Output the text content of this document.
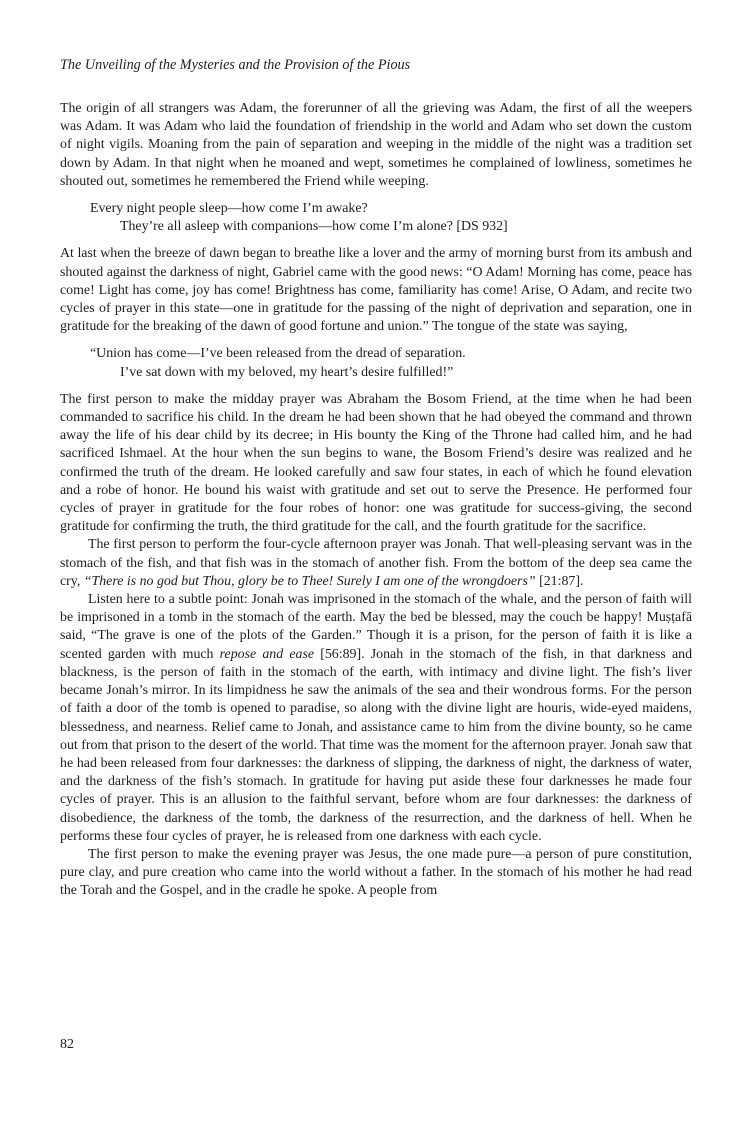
The Unveiling of the Mysteries and the Provision of the Pious

The origin of all strangers was Adam, the forerunner of all the grieving was Adam, the first of all the weepers was Adam. It was Adam who laid the foundation of friendship in the world and Adam who set down the custom of night vigils. Moaning from the pain of separation and weeping in the middle of the night was a tradition set down by Adam. In that night when he moaned and wept, sometimes he complained of lowliness, sometimes he shouted out, sometimes he remembered the Friend while weeping.

Every night people sleep—how come I’m awake?
They’re all asleep with companions—how come I’m alone? [DS 932]

At last when the breeze of dawn began to breathe like a lover and the army of morning burst from its ambush and shouted against the darkness of night, Gabriel came with the good news: “O Adam! Morning has come, peace has come! Light has come, joy has come! Brightness has come, familiarity has come! Arise, O Adam, and recite two cycles of prayer in this state—one in gratitude for the passing of the night of deprivation and separation, one in gratitude for the breaking of the dawn of good fortune and union.” The tongue of the state was saying,

“Union has come—I’ve been released from the dread of separation.
I’ve sat down with my beloved, my heart’s desire fulfilled!”

The first person to make the midday prayer was Abraham the Bosom Friend, at the time when he had been commanded to sacrifice his child. In the dream he had been shown that he had obeyed the command and thrown away the life of his dear child by its decree; in His bounty the King of the Throne had called him, and he had sacrificed Ishmael. At the hour when the sun begins to wane, the Bosom Friend’s desire was realized and he confirmed the truth of the dream. He looked carefully and saw four states, in each of which he found elevation and a robe of honor. He bound his waist with gratitude and set out to serve the Presence. He performed four cycles of prayer in gratitude for the four robes of honor: one was gratitude for success-giving, the second gratitude for confirming the truth, the third gratitude for the call, and the fourth gratitude for the sacrifice.

The first person to perform the four-cycle afternoon prayer was Jonah. That well-pleasing servant was in the stomach of the fish, and that fish was in the stomach of another fish. From the bottom of the deep sea came the cry, “There is no god but Thou, glory be to Thee! Surely I am one of the wrongdoers” [21:87].

Listen here to a subtle point: Jonah was imprisoned in the stomach of the whale, and the person of faith will be imprisoned in a tomb in the stomach of the earth. May the bed be blessed, may the couch be happy! Muṣṭafā said, “The grave is one of the plots of the Garden.” Though it is a prison, for the person of faith it is like a scented garden with much repose and ease [56:89]. Jonah in the stomach of the fish, in that darkness and blackness, is the person of faith in the stomach of the earth, with intimacy and divine light. The fish’s liver became Jonah’s mirror. In its limpidness he saw the animals of the sea and their wondrous forms. For the person of faith a door of the tomb is opened to paradise, so along with the divine light are houris, wide-eyed maidens, blessedness, and nearness. Relief came to Jonah, and assistance came to him from the divine bounty, so he came out from that prison to the desert of the world. That time was the moment for the afternoon prayer. Jonah saw that he had been released from four darknesses: the darkness of slipping, the darkness of night, the darkness of water, and the darkness of the fish’s stomach. In gratitude for having put aside these four darknesses he made four cycles of prayer. This is an allusion to the faithful servant, before whom are four darknesses: the darkness of disobedience, the darkness of the tomb, the darkness of the resurrection, and the darkness of hell. When he performs these four cycles of prayer, he is released from one darkness with each cycle.

The first person to make the evening prayer was Jesus, the one made pure—a person of pure constitution, pure clay, and pure creation who came into the world without a father. In the stomach of his mother he had read the Torah and the Gospel, and in the cradle he spoke. A people from

82
